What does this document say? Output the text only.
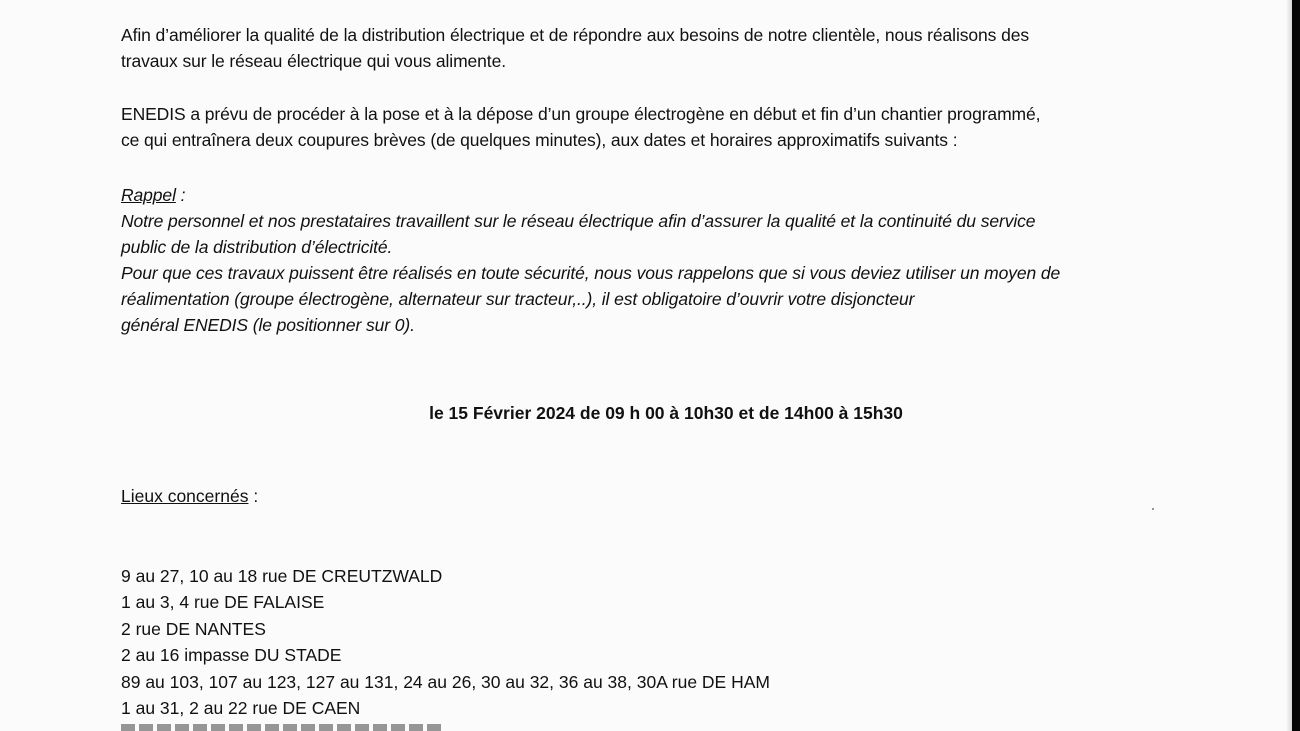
Afin d’améliorer la qualité de la distribution électrique et de répondre aux besoins de notre clientèle, nous réalisons des
travaux sur le réseau électrique qui vous alimente.
ENEDIS a prévu de procéder à la pose et à la dépose d’un groupe électrogène en début et fin d’un chantier programmé,
ce qui entraînera deux coupures brèves (de quelques minutes), aux dates et horaires approximatifs suivants :
Rappel :
Notre personnel et nos prestataires travaillent sur le réseau électrique afin d’assurer la qualité et la continuité du service
public de la distribution d’électricité.
Pour que ces travaux puissent être réalisés en toute sécurité, nous vous rappelons que si vous deviez utiliser un moyen de
réalimentation (groupe électrogène, alternateur sur tracteur,..), il est obligatoire d’ouvrir votre disjoncteur
général ENEDIS (le positionner sur 0).
le 15 Février 2024 de 09 h 00 à 10h30 et de 14h00 à 15h30
Lieux concernés :
9 au 27, 10 au 18 rue DE CREUTZWALD
1 au 3, 4 rue DE FALAISE
2 rue DE NANTES
2 au 16 impasse DU STADE
89 au 103, 107 au 123, 127 au 131, 24 au 26, 30 au 32, 36 au 38, 30A rue DE HAM
1 au 31, 2 au 22 rue DE CAEN
